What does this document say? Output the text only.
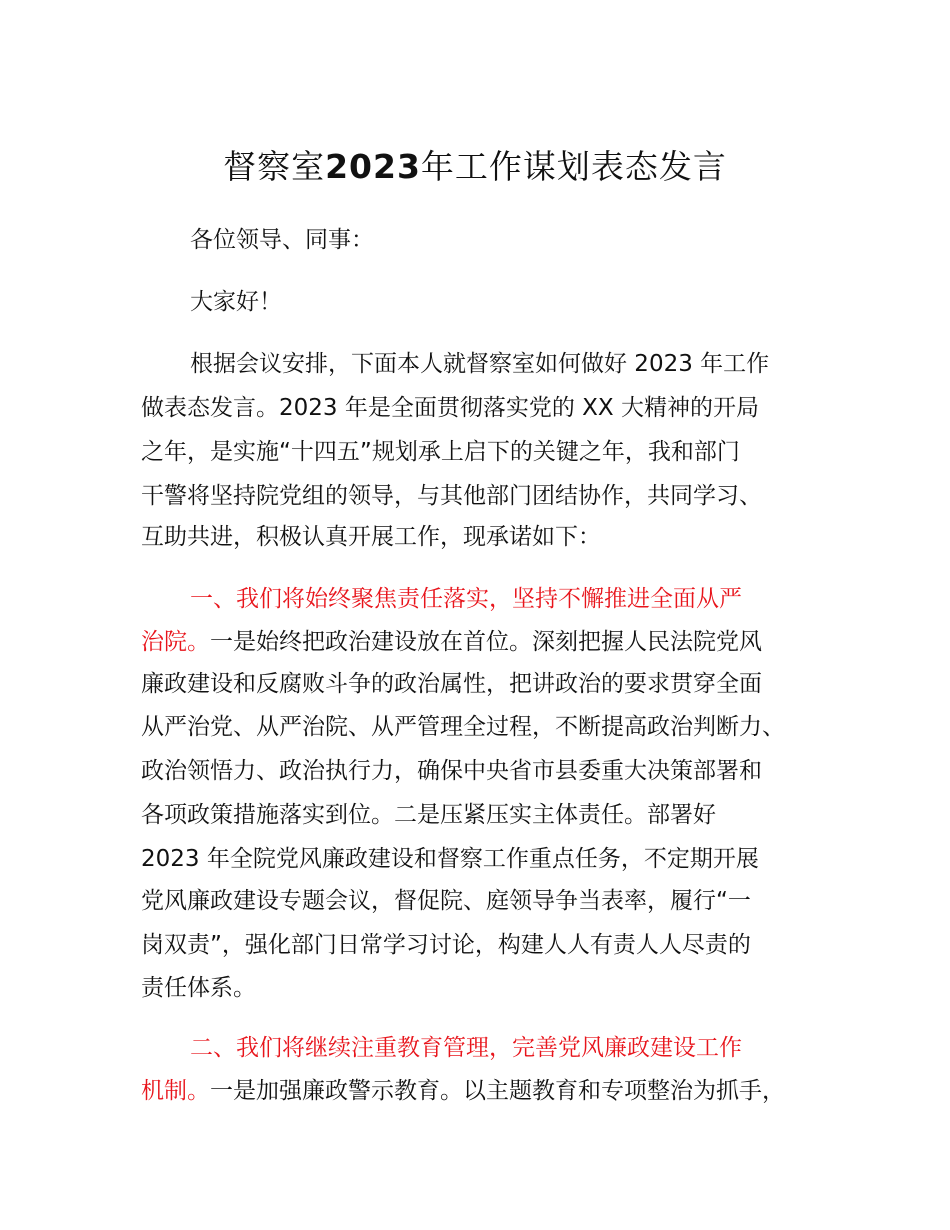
督察室2023年工作谋划表态发言

各位领导、同事：

大家好！

根据会议安排，下面本人就督察室如何做好 2023 年工作

做表态发言。2023 年是全面贯彻落实党的 XX 大精神的开局

之年，是实施“十四五”规划承上启下的关键之年，我和部门

干警将坚持院党组的领导，与其他部门团结协作，共同学习、

互助共进，积极认真开展工作，现承诺如下：

一、我们将始终聚焦责任落实，坚持不懈推进全面从严

治院。一是始终把政治建设放在首位。深刻把握人民法院党风

廉政建设和反腐败斗争的政治属性，把讲政治的要求贯穿全面

从严治党、从严治院、从严管理全过程，不断提高政治判断力、

政治领悟力、政治执行力，确保中央省市县委重大决策部署和

各项政策措施落实到位。二是压紧压实主体责任。部署好

2023 年全院党风廉政建设和督察工作重点任务，不定期开展

党风廉政建设专题会议，督促院、庭领导争当表率，履行“一

岗双责”，强化部门日常学习讨论，构建人人有责人人尽责的

责任体系。

二、我们将继续注重教育管理，完善党风廉政建设工作

机制。一是加强廉政警示教育。以主题教育和专项整治为抓手，
